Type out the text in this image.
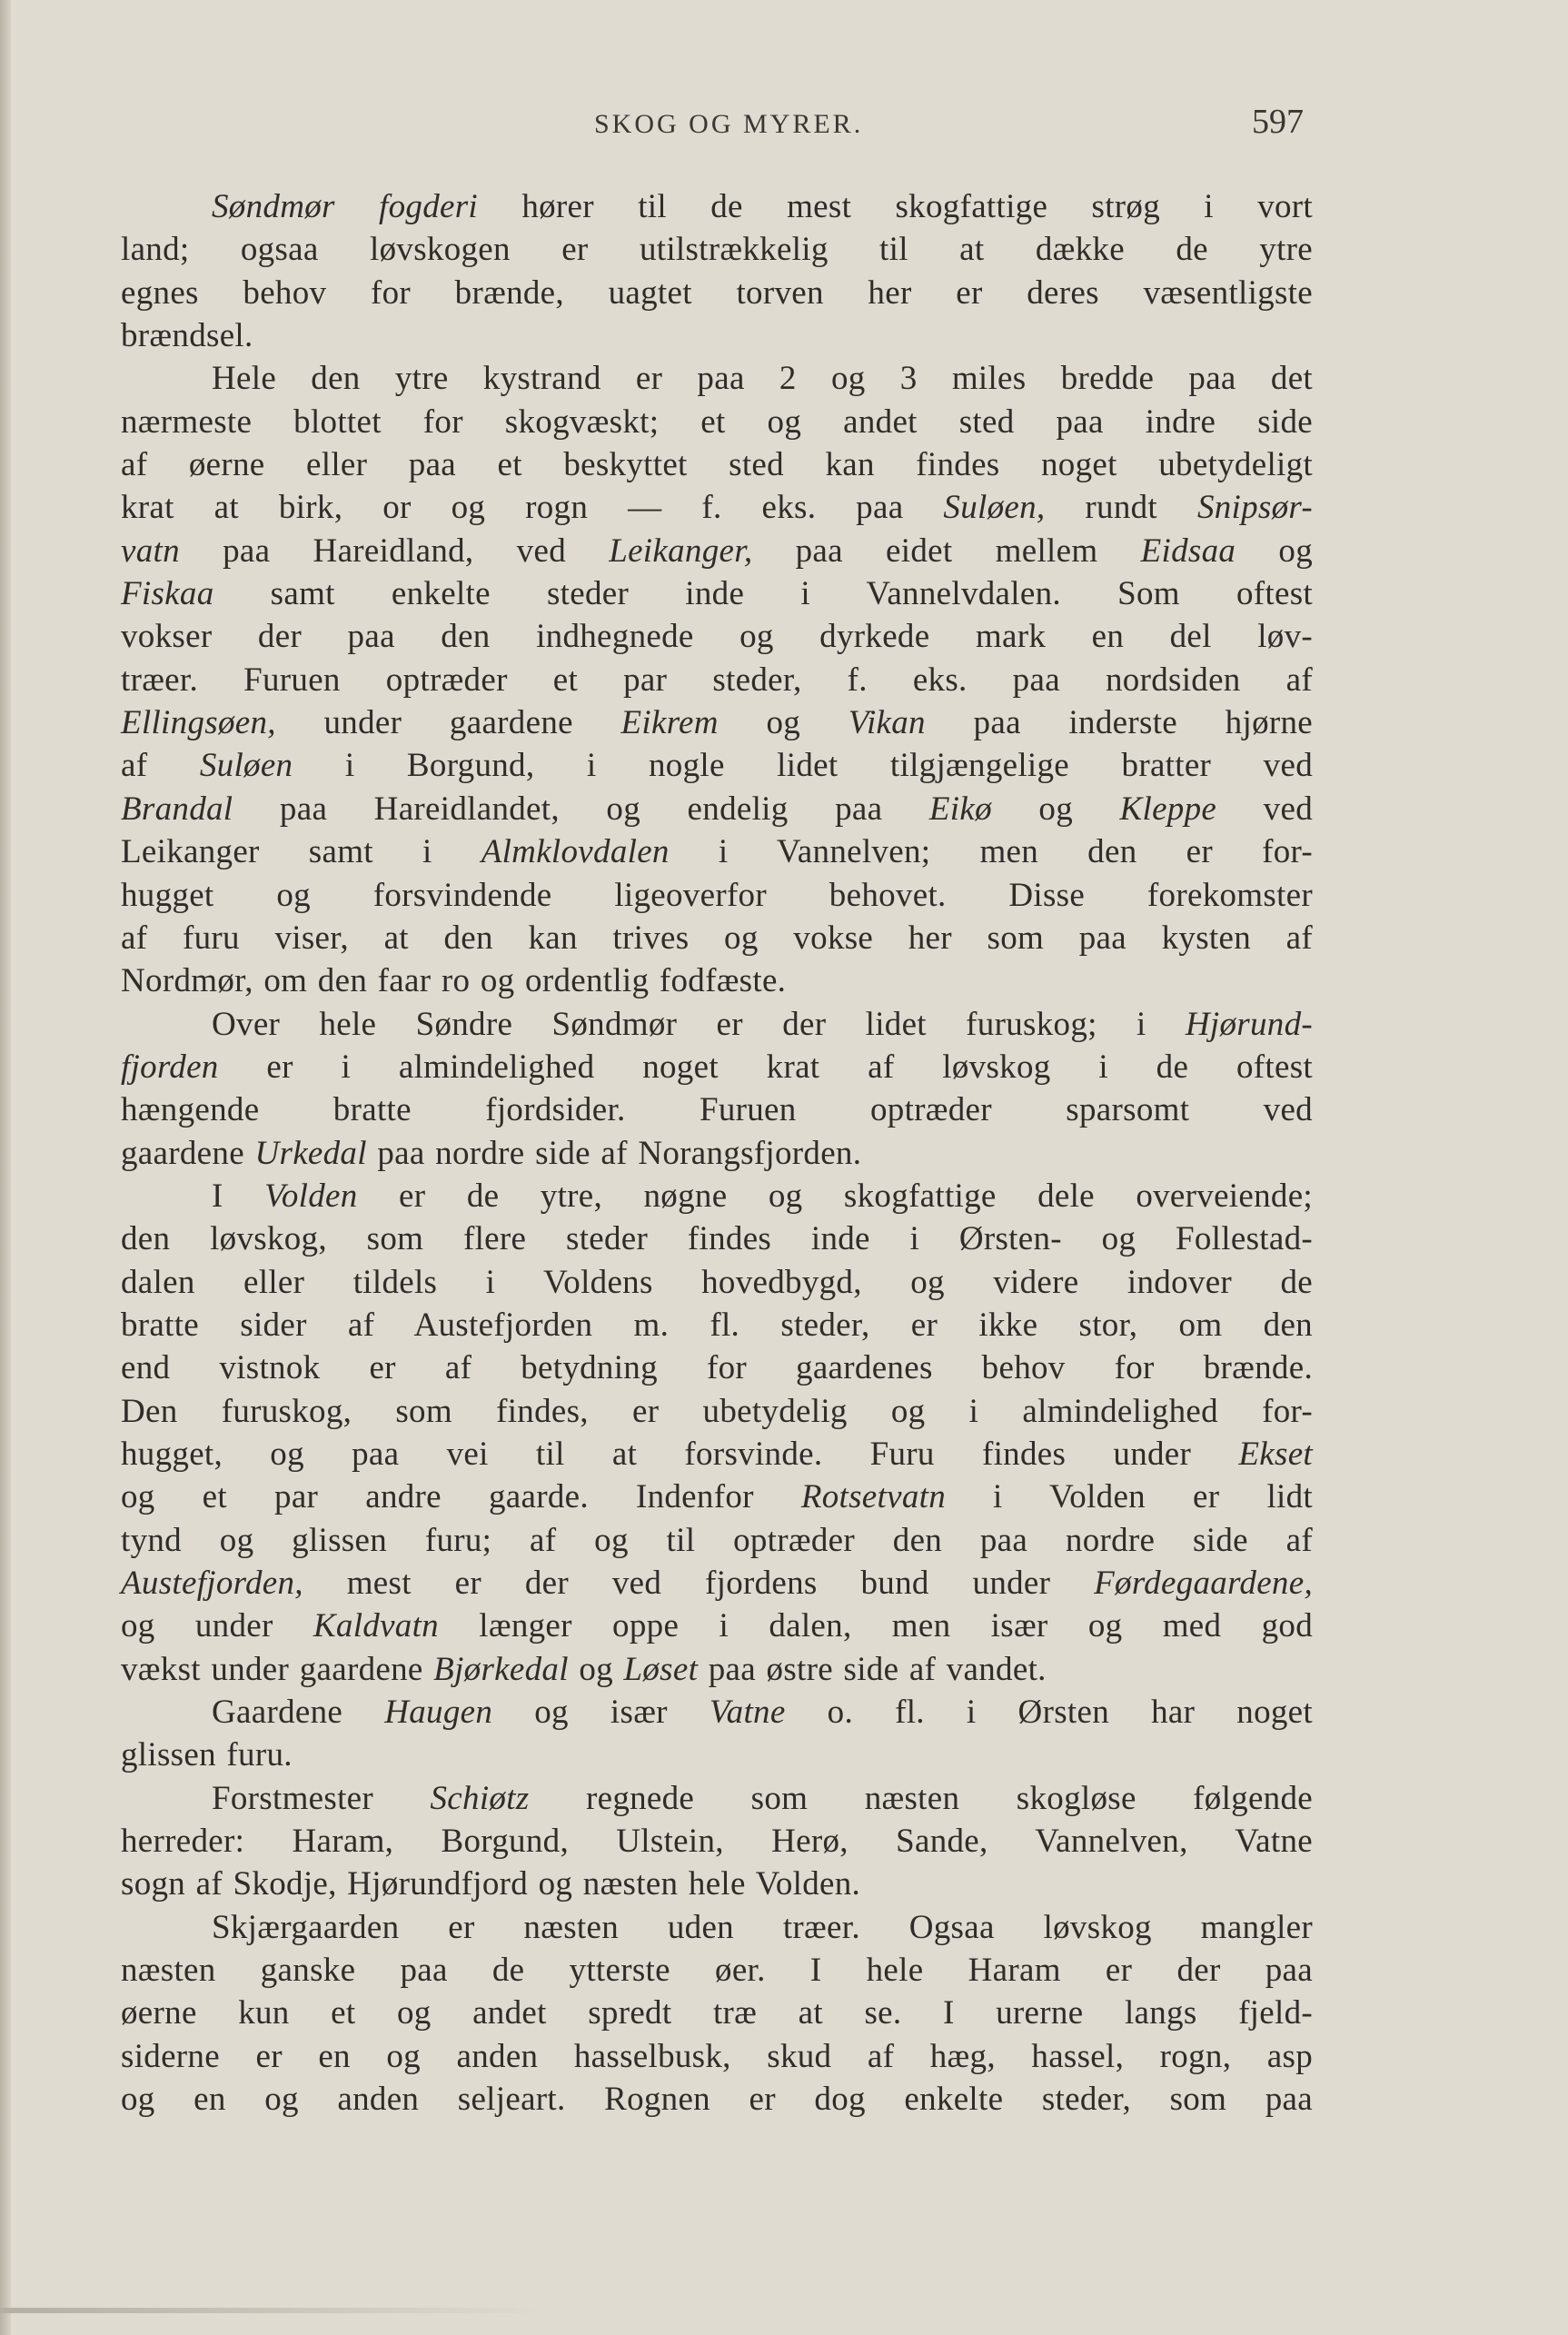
SKOG OG MYRER.	597
Søndmør fogderi hører til de mest skogfattige strøg i vort
land; ogsaa løvskogen er utilstrækkelig til at dække de ytre
egnes behov for brænde, uagtet torven her er deres væsentligste
brændsel.
Hele den ytre kystrand er paa 2 og 3 miles bredde paa det
nærmeste blottet for skogvæskt; et og andet sted paa indre side
af øerne eller paa et beskyttet sted kan findes noget ubetydeligt
krat at birk, or og rogn — f. eks. paa Suløen, rundt Snipsør-
vatn paa Hareidland, ved Leikanger, paa eidet mellem Eidsaa og
Fiskaa samt enkelte steder inde i Vannelvdalen. Som oftest
vokser der paa den indhegnede og dyrkede mark en del løv-
træer. Furuen optræder et par steder, f. eks. paa nordsiden af
Ellingsøen, under gaardene Eikrem og Vikan paa inderste hjørne
af Suløen i Borgund, i nogle lidet tilgjængelige bratter ved
Brandal paa Hareidlandet, og endelig paa Eikø og Kleppe ved
Leikanger samt i Almklovdalen i Vannelven; men den er for-
hugget og forsvindende ligeoverfor behovet. Disse forekomster
af furu viser, at den kan trives og vokse her som paa kysten af
Nordmør, om den faar ro og ordentlig fodfæste.
Over hele Søndre Søndmør er der lidet furuskog; i Hjørund-
fjorden er i almindelighed noget krat af løvskog i de oftest
hængende bratte fjordsider. Furuen optræder sparsomt ved
gaardene Urkedal paa nordre side af Norangsfjorden.
I Volden er de ytre, nøgne og skogfattige dele overveiende;
den løvskog, som flere steder findes inde i Ørsten- og Follestad-
dalen eller tildels i Voldens hovedbygd, og videre indover de
bratte sider af Austefjorden m. fl. steder, er ikke stor, om den
end vistnok er af betydning for gaardenes behov for brænde.
Den furuskog, som findes, er ubetydelig og i almindelighed for-
hugget, og paa vei til at forsvinde. Furu findes under Ekset
og et par andre gaarde. Indenfor Rotsetvatn i Volden er lidt
tynd og glissen furu; af og til optræder den paa nordre side af
Austefjorden, mest er der ved fjordens bund under Førdegaardene,
og under Kaldvatn længer oppe i dalen, men især og med god
vækst under gaardene Bjørkedal og Løset paa østre side af vandet.
Gaardene Haugen og især Vatne o. fl. i Ørsten har noget
glissen furu.
Forstmester Schiøtz regnede som næsten skogløse følgende
herreder: Haram, Borgund, Ulstein, Herø, Sande, Vannelven, Vatne
sogn af Skodje, Hjørundfjord og næsten hele Volden.
Skjærgaarden er næsten uden træer. Ogsaa løvskog mangler
næsten ganske paa de ytterste øer. I hele Haram er der paa
øerne kun et og andet spredt træ at se. I urerne langs fjeld-
siderne er en og anden hasselbusk, skud af hæg, hassel, rogn, asp
og en og anden seljeart. Rognen er dog enkelte steder, som paa
